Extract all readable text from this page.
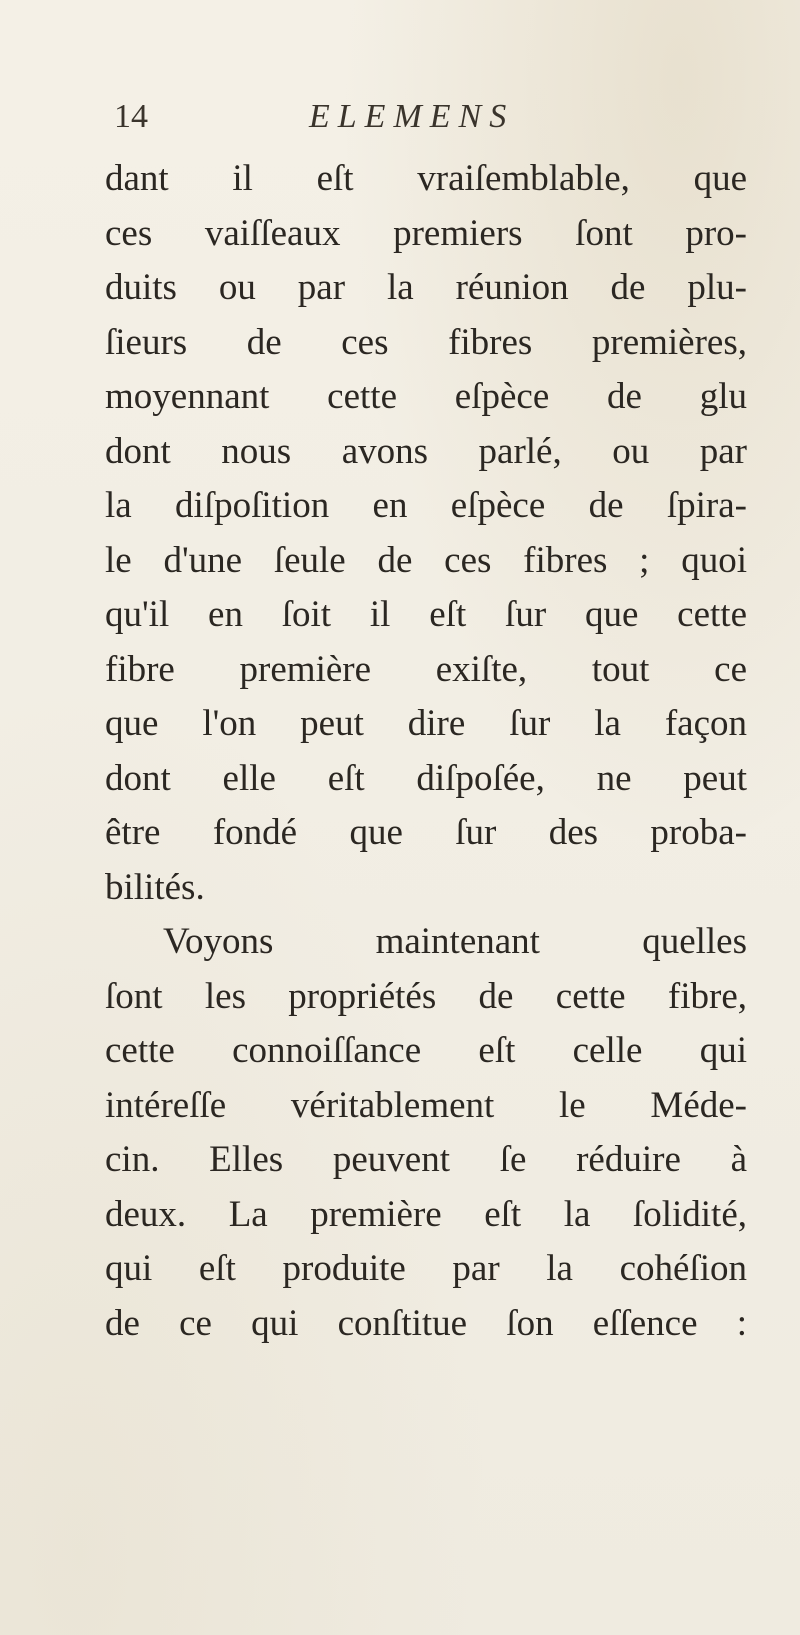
14	ELEMENS
dant il eſt vraiſemblable, que
ces vaiſſeaux premiers ſont pro-
duits ou par la réunion de plu-
ſieurs de ces fibres premières,
moyennant cette eſpèce de glu
dont nous avons parlé, ou par
la diſpoſition en eſpèce de ſpira-
le d'une ſeule de ces fibres ; quoi
qu'il en ſoit il eſt ſur que cette
fibre première exiſte, tout ce
que l'on peut dire ſur la façon
dont elle eſt diſpoſée, ne peut
être fondé que ſur des proba-
bilités.
Voyons maintenant quelles
ſont les propriétés de cette fibre,
cette connoiſſance eſt celle qui
intéreſſe véritablement le Méde-
cin. Elles peuvent ſe réduire à
deux. La première eſt la ſolidité,
qui eſt produite par la cohéſion
de ce qui conſtitue ſon eſſence :
